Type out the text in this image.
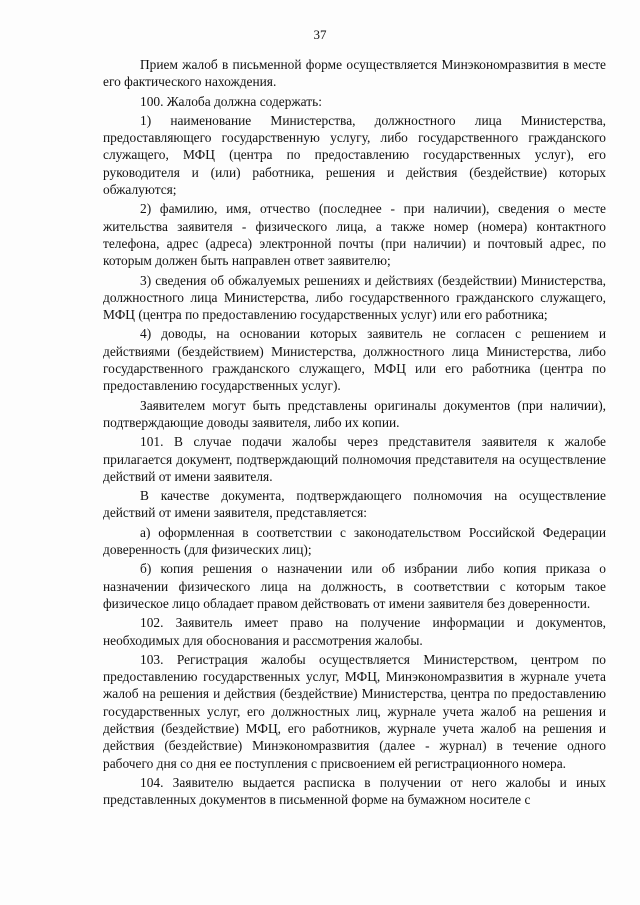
37

Прием жалоб в письменной форме осуществляется Минэкономразвития в месте его фактического нахождения.

100. Жалоба должна содержать:

1) наименование Министерства, должностного лица Министерства, предоставляющего государственную услугу, либо государственного гражданского служащего, МФЦ (центра по предоставлению государственных услуг), его руководителя и (или) работника, решения и действия (бездействие) которых обжалуются;

2) фамилию, имя, отчество (последнее - при наличии), сведения о месте жительства заявителя - физического лица, а также номер (номера) контактного телефона, адрес (адреса) электронной почты (при наличии) и почтовый адрес, по которым должен быть направлен ответ заявителю;

3) сведения об обжалуемых решениях и действиях (бездействии) Министерства, должностного лица Министерства, либо государственного гражданского служащего, МФЦ (центра по предоставлению государственных услуг) или его работника;

4) доводы, на основании которых заявитель не согласен с решением и действиями (бездействием) Министерства, должностного лица Министерства, либо государственного гражданского служащего, МФЦ или его работника (центра по предоставлению государственных услуг).

Заявителем могут быть представлены оригиналы документов (при наличии), подтверждающие доводы заявителя, либо их копии.

101. В случае подачи жалобы через представителя заявителя к жалобе прилагается документ, подтверждающий полномочия представителя на осуществление действий от имени заявителя.

В качестве документа, подтверждающего полномочия на осуществление действий от имени заявителя, представляется:

а) оформленная в соответствии с законодательством Российской Федерации доверенность (для физических лиц);

б) копия решения о назначении или об избрании либо копия приказа о назначении физического лица на должность, в соответствии с которым такое физическое лицо обладает правом действовать от имени заявителя без доверенности.

102. Заявитель имеет право на получение информации и документов, необходимых для обоснования и рассмотрения жалобы.

103. Регистрация жалобы осуществляется Министерством, центром по предоставлению государственных услуг, МФЦ, Минэкономразвития в журнале учета жалоб на решения и действия (бездействие) Министерства, центра по предоставлению государственных услуг, его должностных лиц, журнале учета жалоб на решения и действия (бездействие) МФЦ, его работников, журнале учета жалоб на решения и действия (бездействие) Минэкономразвития (далее - журнал) в течение одного рабочего дня со дня ее поступления с присвоением ей регистрационного номера.

104. Заявителю выдается расписка в получении от него жалобы и иных представленных документов в письменной форме на бумажном носителе с
